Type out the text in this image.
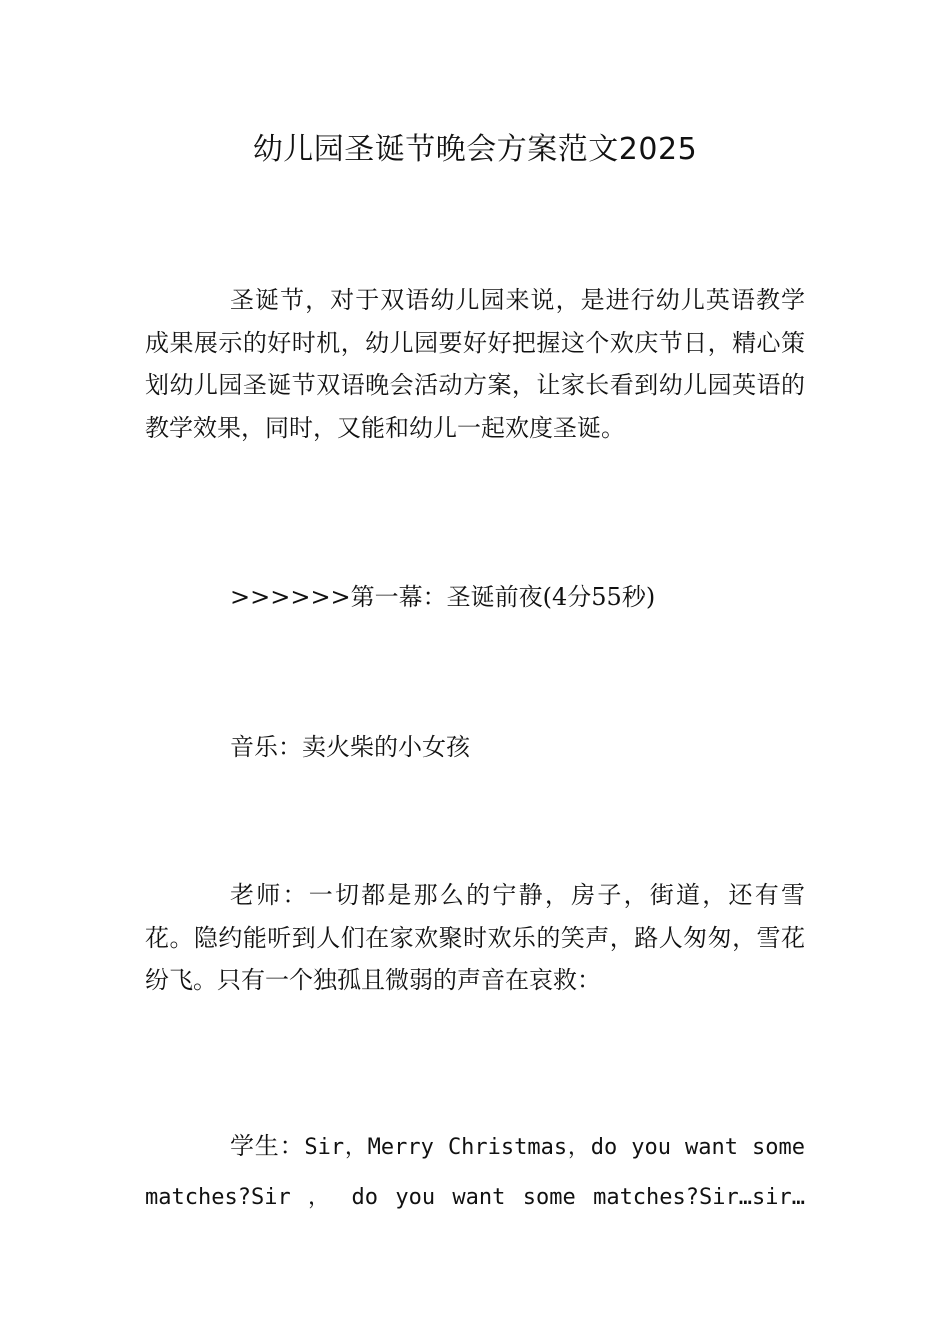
幼儿园圣诞节晚会方案范文2025

圣诞节，对于双语幼儿园来说，是进行幼儿英语教学成果展示的好时机，幼儿园要好好把握这个欢庆节日，精心策划幼儿园圣诞节双语晚会活动方案，让家长看到幼儿园英语的教学效果，同时，又能和幼儿一起欢度圣诞。

>>>>>>第一幕：圣诞前夜(4分55秒)

音乐：卖火柴的小女孩

老师：一切都是那么的宁静，房子，街道，还有雪花。隐约能听到人们在家欢聚时欢乐的笑声，路人匆匆，雪花纷飞。只有一个独孤且微弱的声音在哀救：

学生：Sir，Merry Christmas，do you want some matches?Sir ， do you want some matches?Sir…sir…
